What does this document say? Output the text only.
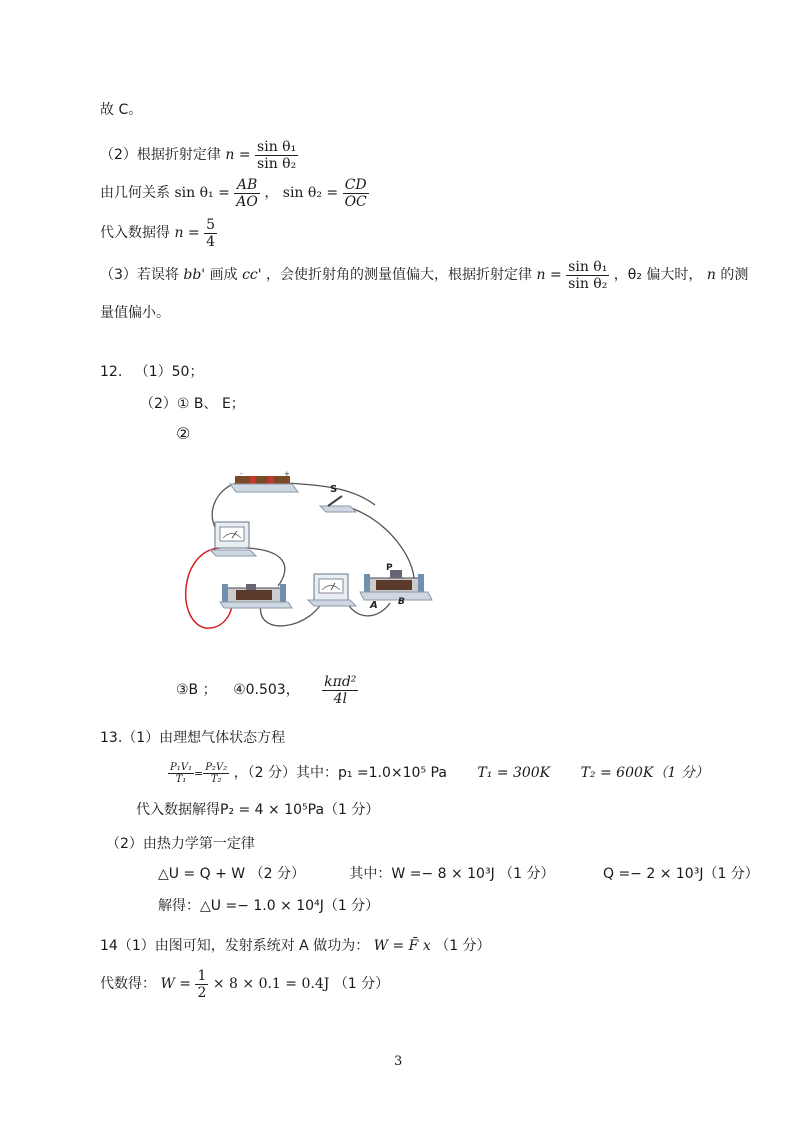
故 C。
（2）根据折射定律 $n = \frac{\text{sin θ₁}}{\text{sin θ₂}}$
由几何关系 $\sin \theta_1 = \frac{AB}{AO}$ ， $\sin \theta_2 = \frac{CD}{OC}$
代入数据得 $n = \frac{5}{4}$
（3）若误将 bb' 画成 cc' ，会使折射角的测量值偏大，根据折射定律 $n = \frac{\text{sin θ₁}}{\text{sin θ₂}}$ ，θ₂ 偏大时， n 的测
量值偏小。
12. （1）50；
（2）① B、 E；
②
-	+
S
P
A B
③B ； ④0.503， $\frac{\text{kπd²}}{4l}$
13.（1）由理想气体状态方程
$\frac{\text{P₁V₁}}{\text{T₁}} = \frac{\text{P₂V₂}}{\text{T₂}}$ ，（2 分）其中：p₁ =1.0×10⁵ Pa T₁ = 300K T₂ = 600K（1 分）
代入数据解得P₂ = 4 × 10⁵Pa（1 分）
（2）由热力学第一定律
△U = Q + W （2 分）	其中：W =− 8 × 10³J （1 分）	Q =− 2 × 10³J（1 分）
解得：△U =− 1.0 × 10⁴J（1 分）
14（1）由图可知，发射系统对 A 做功为： W = F̄ x （1 分）
代数得： $W = \frac{1}{2} \times 8 \times 0.1 = 0.4J$ （1 分）
3
